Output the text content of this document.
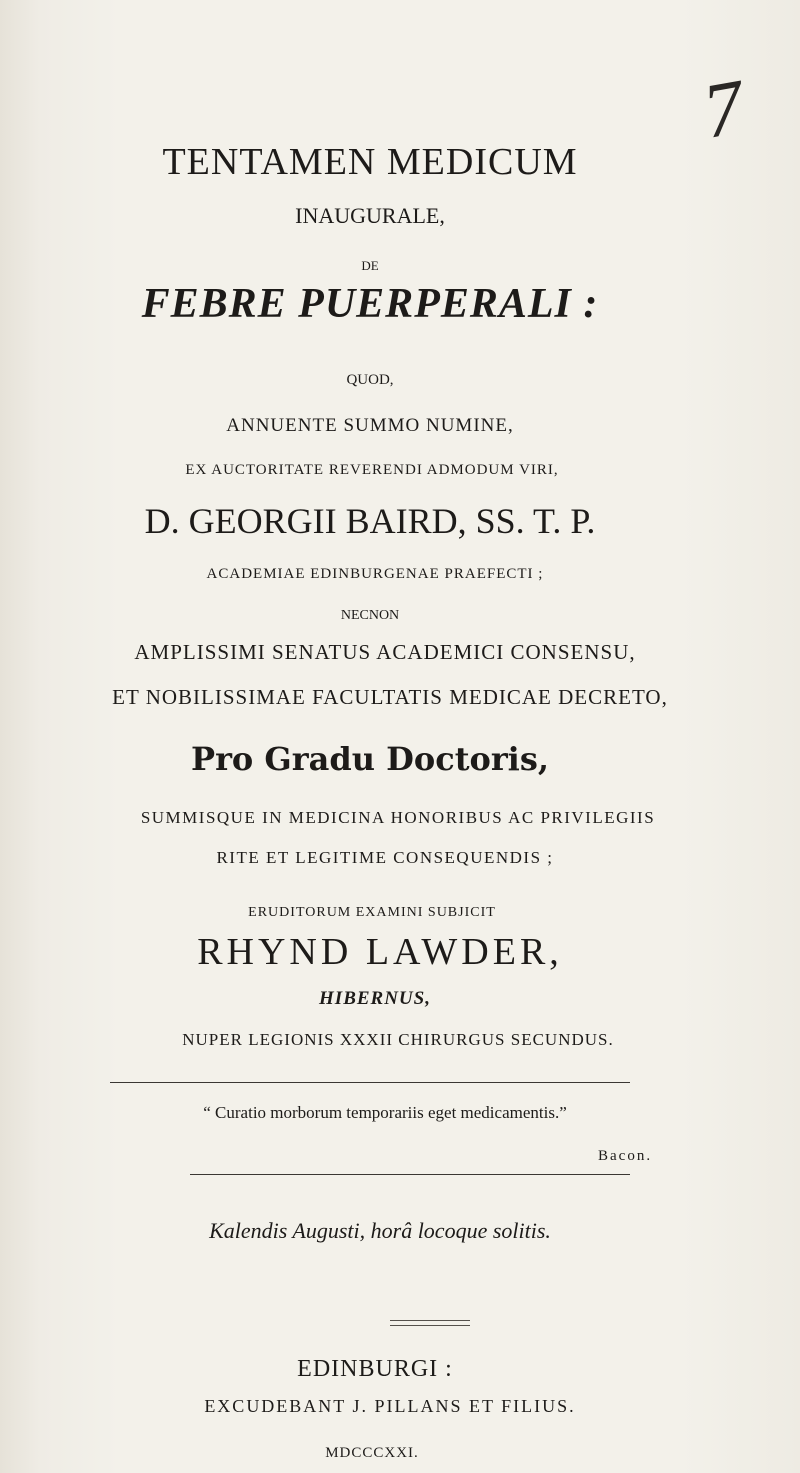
7
TENTAMEN MEDICUM
INAUGURALE,
DE
FEBRE PUERPERALI :
QUOD,
ANNUENTE SUMMO NUMINE,
EX AUCTORITATE REVERENDI ADMODUM VIRI,
D. GEORGII BAIRD, SS. T. P.
ACADEMIAE EDINBURGENAE PRAEFECTI ;
NECNON
AMPLISSIMI SENATUS ACADEMICI CONSENSU,
ET NOBILISSIMAE FACULTATIS MEDICAE DECRETO,
Pro Gradu Doctoris,
SUMMISQUE IN MEDICINA HONORIBUS AC PRIVILEGIIS
RITE ET LEGITIME CONSEQUENDIS ;
ERUDITORUM EXAMINI SUBJICIT
RHYND LAWDER,
HIBERNUS,
NUPER LEGIONIS XXXII CHIRURGUS SECUNDUS.
“ Curatio morborum temporariis eget medicamentis.”
Bacon.
Kalendis Augusti, horâ locoque solitis.
EDINBURGI :
EXCUDEBANT J. PILLANS ET FILIUS.
MDCCCXXI.
